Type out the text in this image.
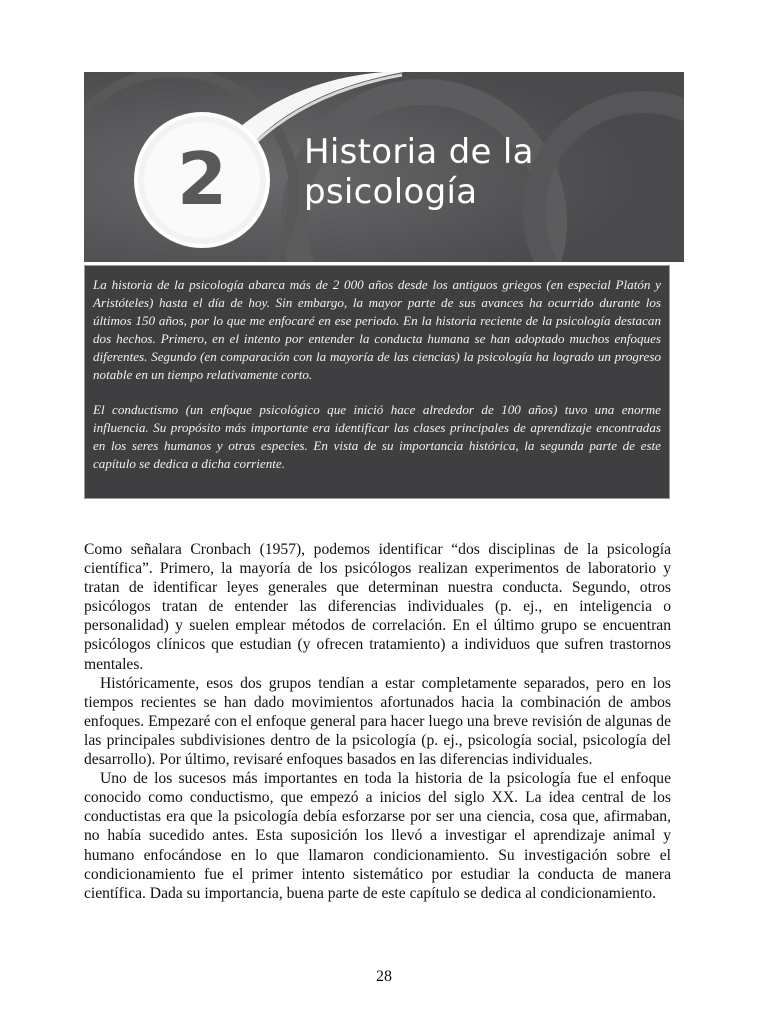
2 Historia de la
psicología

La historia de la psicología abarca más de 2 000 años desde los antiguos griegos (en especial Platón y Aristóteles) hasta el día de hoy. Sin embargo, la mayor parte de sus avances ha ocurrido durante los últimos 150 años, por lo que me enfocaré en ese periodo. En la historia reciente de la psicología destacan dos hechos. Primero, en el intento por entender la conducta humana se han adoptado muchos enfoques diferentes. Segundo (en comparación con la mayoría de las ciencias) la psicología ha logrado un progreso notable en un tiempo relativamente corto.

El conductismo (un enfoque psicológico que inició hace alrededor de 100 años) tuvo una enorme influencia. Su propósito más importante era identificar las clases principales de aprendizaje encontradas en los seres humanos y otras especies. En vista de su importancia histórica, la segunda parte de este capítulo se dedica a dicha corriente.

Como señalara Cronbach (1957), podemos identificar “dos disciplinas de la psicología científica”. Primero, la mayoría de los psicólogos realizan experimentos de laboratorio y tratan de identificar leyes generales que determinan nuestra conducta. Segundo, otros psicólogos tratan de entender las diferencias individuales (p. ej., en inteligencia o personalidad) y suelen emplear métodos de correlación. En el último grupo se encuentran psicólogos clínicos que estudian (y ofrecen tratamiento) a individuos que sufren trastornos mentales.

Históricamente, esos dos grupos tendían a estar completamente separados, pero en los tiempos recientes se han dado movimientos afortunados hacia la combinación de ambos enfoques. Empezaré con el enfoque general para hacer luego una breve revisión de algunas de las principales subdivisiones dentro de la psicología (p. ej., psicología social, psicología del desarrollo). Por último, revisaré enfoques basados en las diferencias individuales.

Uno de los sucesos más importantes en toda la historia de la psicología fue el enfoque conocido como conductismo, que empezó a inicios del siglo XX. La idea central de los conductistas era que la psicología debía esforzarse por ser una ciencia, cosa que, afirmaban, no había sucedido antes. Esta suposición los llevó a investigar el aprendizaje animal y humano enfocándose en lo que llamaron condicionamiento. Su investigación sobre el condicionamiento fue el primer intento sistemático por estudiar la conducta de manera científica. Dada su importancia, buena parte de este capítulo se dedica al condicionamiento.

28
